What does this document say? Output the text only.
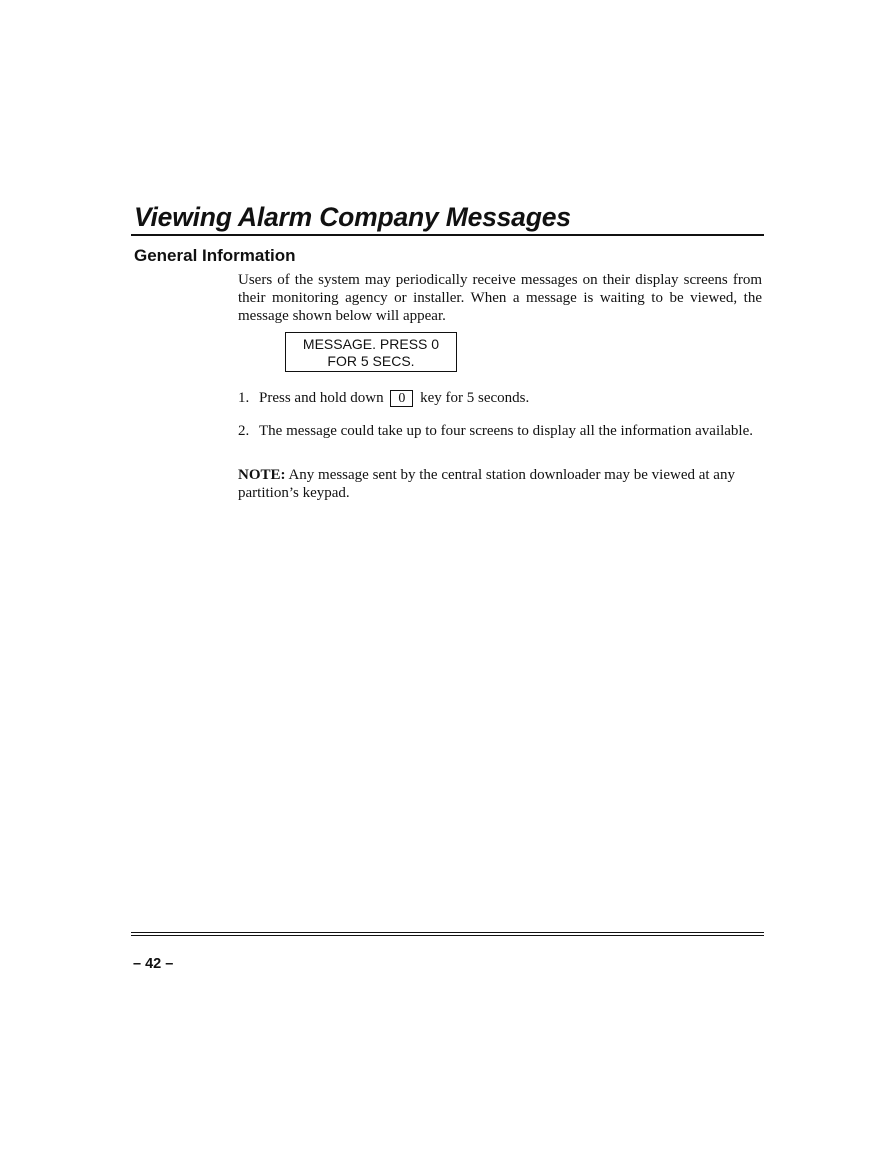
Viewing Alarm Company Messages
General Information

Users of the system may periodically receive messages on their display screens from their monitoring agency or installer. When a message is waiting to be viewed, the message shown below will appear.

MESSAGE. PRESS 0
FOR 5 SECS.
1. Press and hold down 0 key for 5 seconds.
2. The message could take up to four screens to display all the information available.

NOTE: Any message sent by the central station downloader may be viewed at any partition’s keypad.

– 42 –
